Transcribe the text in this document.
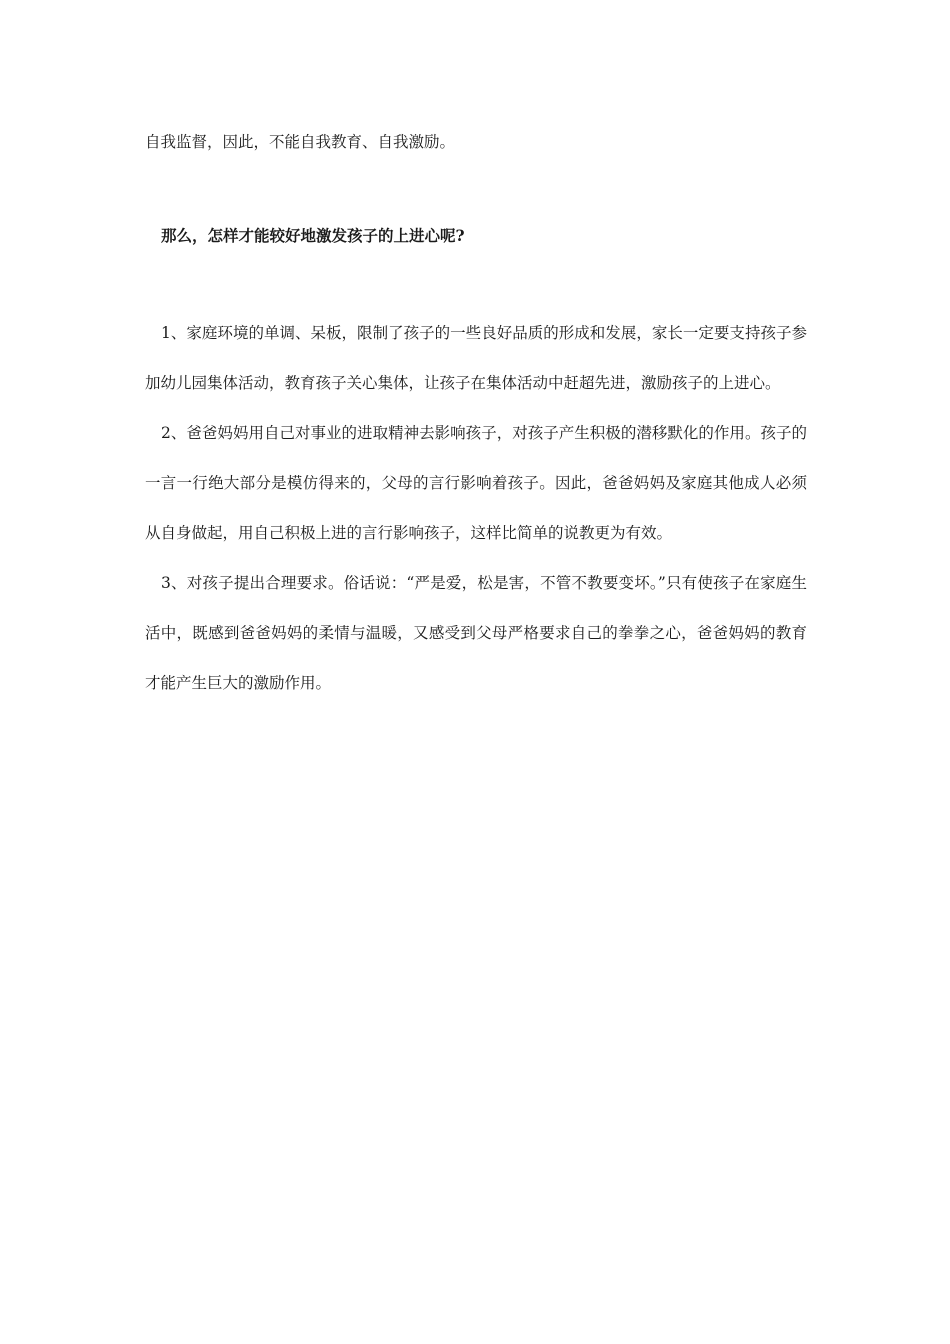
自我监督，因此，不能自我教育、自我激励。

那么，怎样才能较好地激发孩子的上进心呢?

1、家庭环境的单调、呆板，限制了孩子的一些良好品质的形成和发展，家长一定要支持孩子参加幼儿园集体活动，教育孩子关心集体，让孩子在集体活动中赶超先进，激励孩子的上进心。

2、爸爸妈妈用自己对事业的进取精神去影响孩子，对孩子产生积极的潜移默化的作用。孩子的一言一行绝大部分是模仿得来的，父母的言行影响着孩子。因此，爸爸妈妈及家庭其他成人必须从自身做起，用自己积极上进的言行影响孩子，这样比简单的说教更为有效。

3、对孩子提出合理要求。俗话说：“严是爱，松是害，不管不教要变坏。”只有使孩子在家庭生活中，既感到爸爸妈妈的柔情与温暖，又感受到父母严格要求自己的拳拳之心，爸爸妈妈的教育才能产生巨大的激励作用。
